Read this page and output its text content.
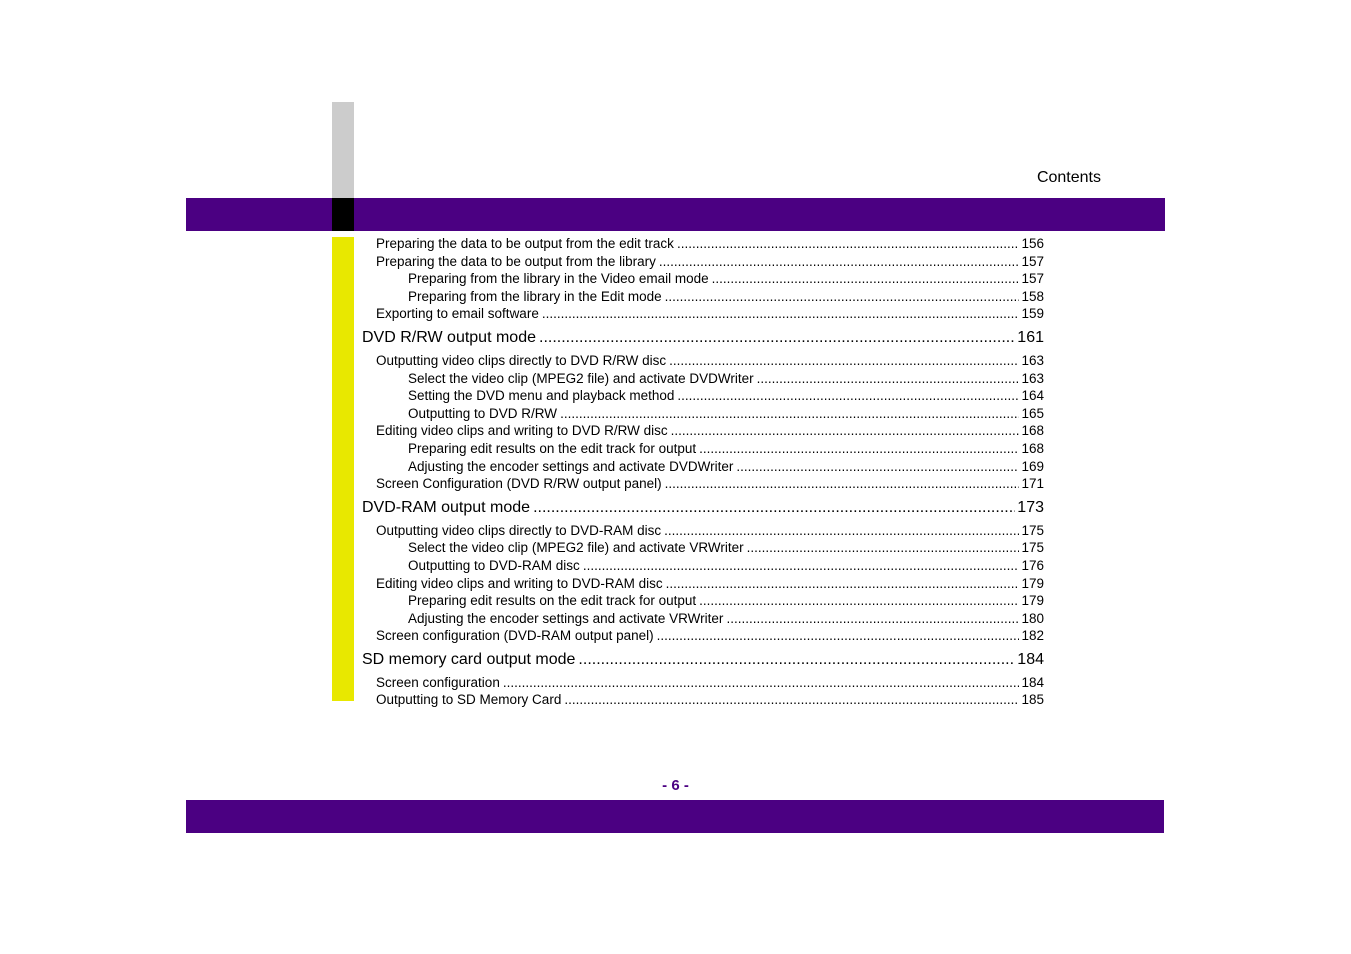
Contents
Preparing the data to be output from the edit track .....	156
Preparing the data to be output from the library .....	157
Preparing from the library in the Video email mode .....	157
Preparing from the library in the Edit mode .....	158
Exporting to email software .....	159
DVD R/RW output mode .....	161
Outputting video clips directly to DVD R/RW disc .....	163
Select the video clip (MPEG2 file) and activate DVDWriter .....	163
Setting the DVD menu and playback method .....	164
Outputting to DVD R/RW .....	165
Editing video clips and writing to DVD R/RW disc .....	168
Preparing edit results on the edit track for output .....	168
Adjusting the encoder settings and activate DVDWriter .....	169
Screen Configuration (DVD R/RW output panel) .....	171
DVD-RAM output mode .....	173
Outputting video clips directly to DVD-RAM disc .....	175
Select the video clip (MPEG2 file) and activate VRWriter .....	175
Outputting to DVD-RAM disc .....	176
Editing video clips and writing to DVD-RAM disc .....	179
Preparing edit results on the edit track for output .....	179
Adjusting the encoder settings and activate VRWriter .....	180
Screen configuration (DVD-RAM output panel) .....	182
SD memory card output mode .....	184
Screen configuration .....	184
Outputting to SD Memory Card .....	185
- 6 -
